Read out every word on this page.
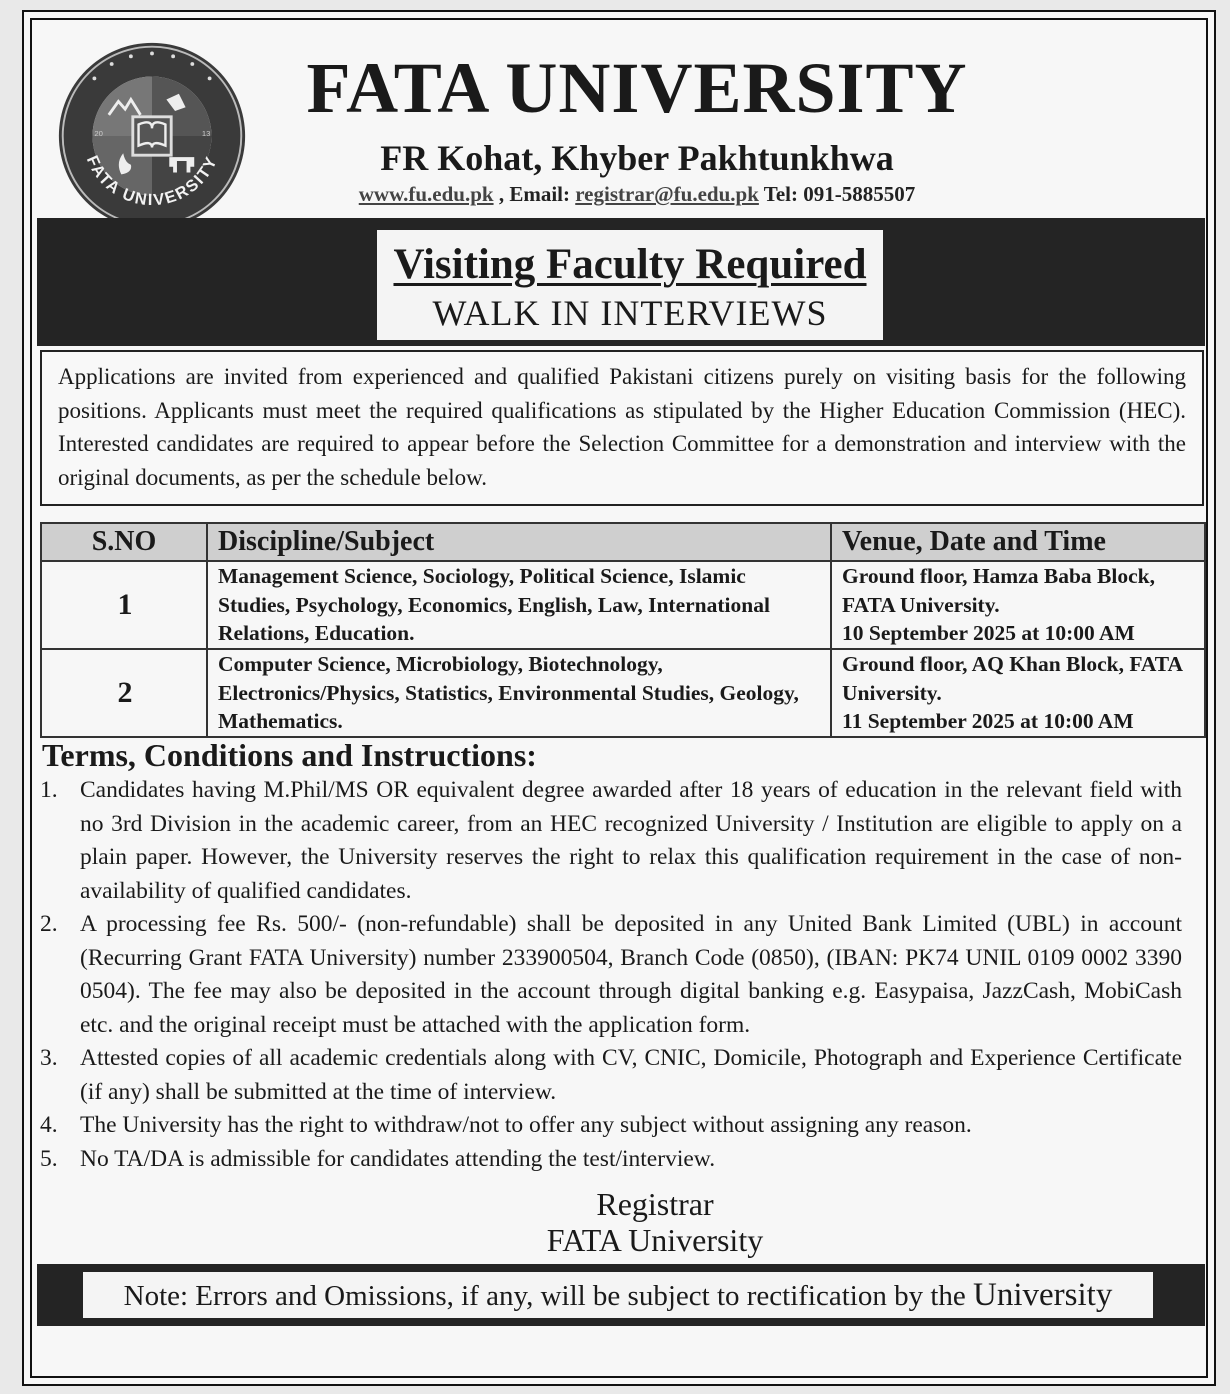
20	13
FATA UNIVERSITY
FATA UNIVERSITY
FR Kohat, Khyber Pakhtunkhwa
www.fu.edu.pk , Email: registrar@fu.edu.pk Tel: 091-5885507
Visiting Faculty Required
WALK IN INTERVIEWS

Applications are invited from experienced and qualified Pakistani citizens purely on visiting basis for the following positions. Applicants must meet the required qualifications as stipulated by the Higher Education Commission (HEC). Interested candidates are required to appear before the Selection Committee for a demonstration and interview with the original documents, as per the schedule below.

S.NO	Discipline/Subject	Venue, Date and Time
1	Management Science, Sociology, Political Science, Islamic Studies, Psychology, Economics, English, Law, International Relations, Education.	Ground floor, Hamza Baba Block, FATA University.
10 September 2025 at 10:00 AM
2	Computer Science, Microbiology, Biotechnology, Electronics/Physics, Statistics, Environmental Studies, Geology, Mathematics.	Ground floor, AQ Khan Block, FATA University.
11 September 2025 at 10:00 AM
Terms, Conditions and Instructions:
1. Candidates having M.Phil/MS OR equivalent degree awarded after 18 years of education in the relevant field with no 3rd Division in the academic career, from an HEC recognized University / Institution are eligible to apply on a plain paper. However, the University reserves the right to relax this qualification requirement in the case of non-availability of qualified candidates.
2. A processing fee Rs. 500/- (non-refundable) shall be deposited in any United Bank Limited (UBL) in account (Recurring Grant FATA University) number 233900504, Branch Code (0850), (IBAN: PK74 UNIL 0109 0002 3390 0504). The fee may also be deposited in the account through digital banking e.g. Easypaisa, JazzCash, MobiCash etc. and the original receipt must be attached with the application form.
3. Attested copies of all academic credentials along with CV, CNIC, Domicile, Photograph and Experience Certificate (if any) shall be submitted at the time of interview.
4. The University has the right to withdraw/not to offer any subject without assigning any reason.
5. No TA/DA is admissible for candidates attending the test/interview.
Registrar
FATA University
Note: Errors and Omissions, if any, will be subject to rectification by the University
